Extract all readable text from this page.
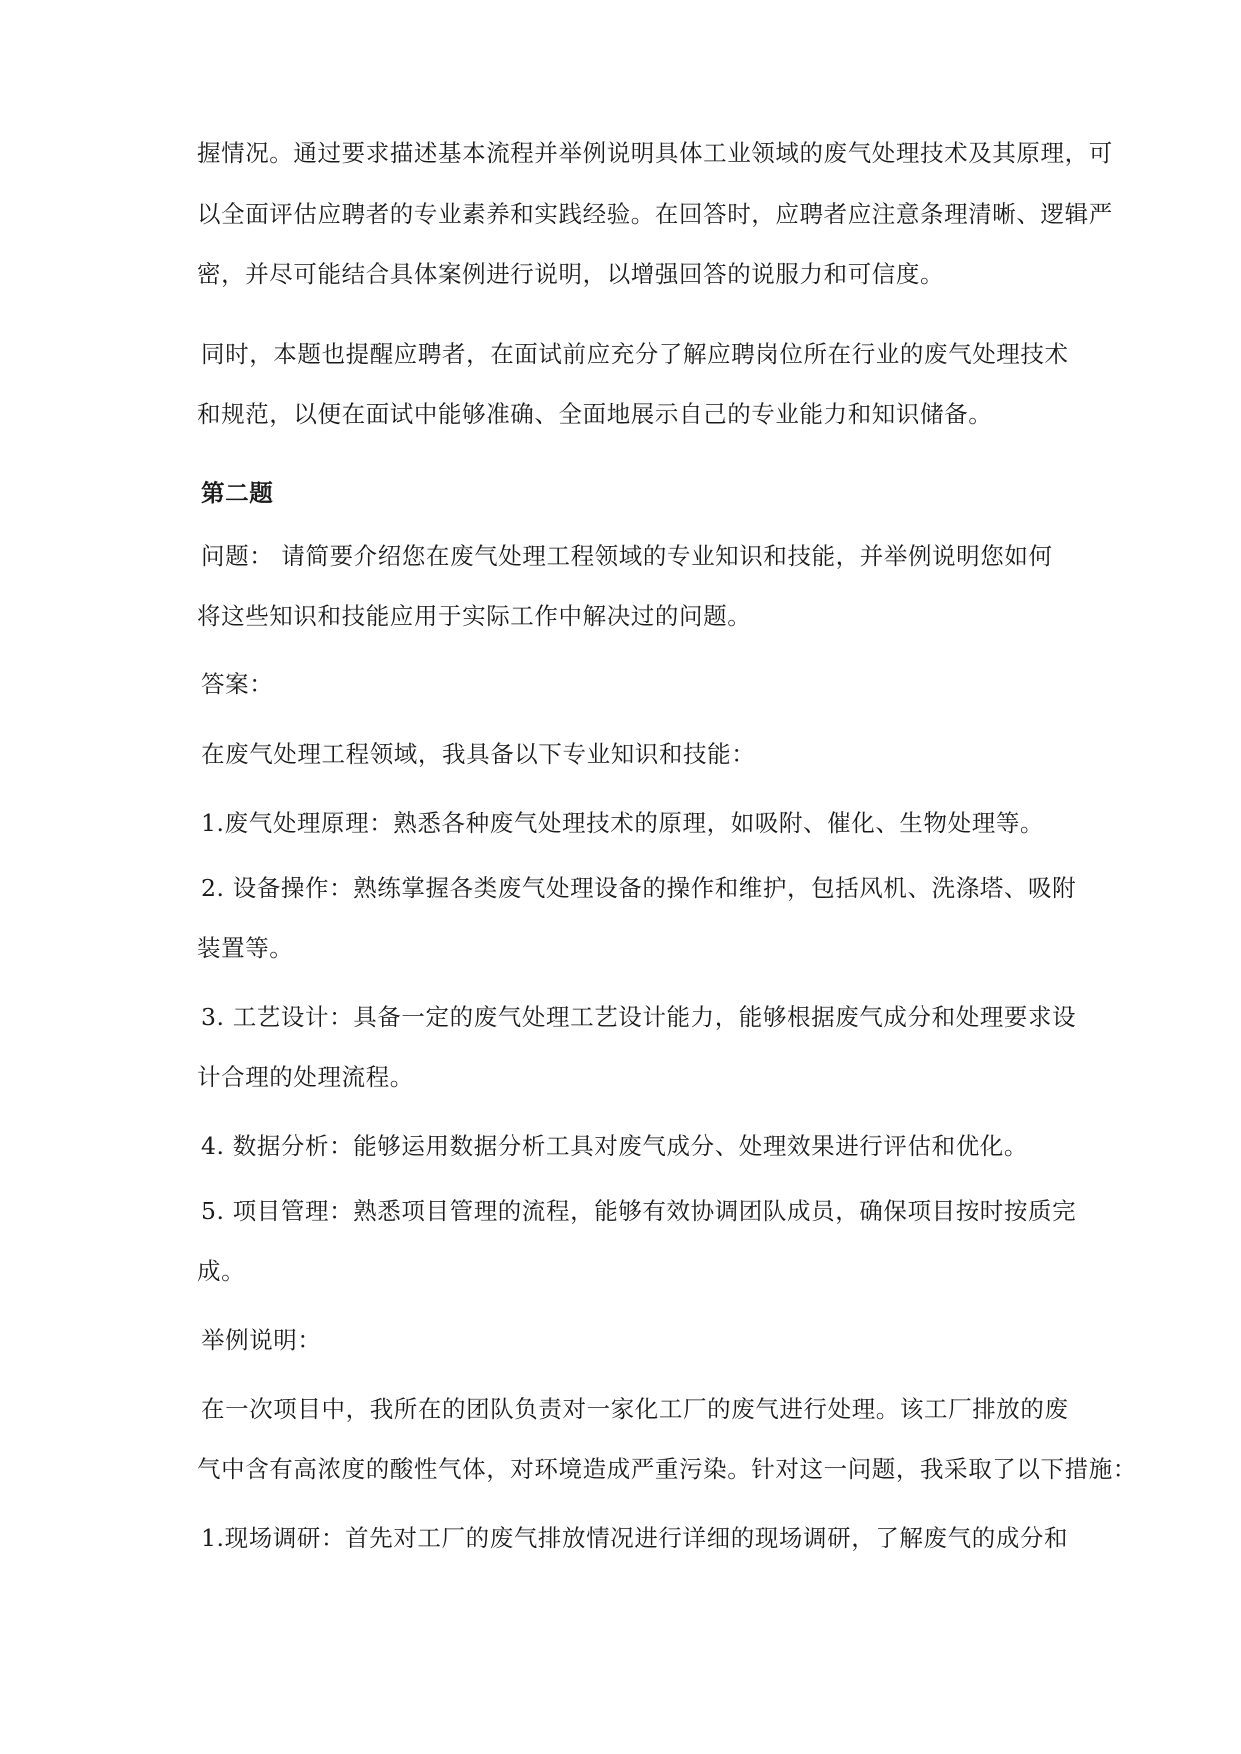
握情况。通过要求描述基本流程并举例说明具体工业领域的废气处理技术及其原理，可
以全面评估应聘者的专业素养和实践经验。在回答时，应聘者应注意条理清晰、逻辑严
密，并尽可能结合具体案例进行说明，以增强回答的说服力和可信度。
同时，本题也提醒应聘者，在面试前应充分了解应聘岗位所在行业的废气处理技术
和规范，以便在面试中能够准确、全面地展示自己的专业能力和知识储备。
第二题
问题： 请简要介绍您在废气处理工程领域的专业知识和技能，并举例说明您如何
将这些知识和技能应用于实际工作中解决过的问题。
答案：
在废气处理工程领域，我具备以下专业知识和技能：
1.废气处理原理：熟悉各种废气处理技术的原理，如吸附、催化、生物处理等。
2. 设备操作：熟练掌握各类废气处理设备的操作和维护，包括风机、洗涤塔、吸附
装置等。
3. 工艺设计：具备一定的废气处理工艺设计能力，能够根据废气成分和处理要求设
计合理的处理流程。
4. 数据分析：能够运用数据分析工具对废气成分、处理效果进行评估和优化。
5. 项目管理：熟悉项目管理的流程，能够有效协调团队成员，确保项目按时按质完
成。
举例说明：
在一次项目中，我所在的团队负责对一家化工厂的废气进行处理。该工厂排放的废
气中含有高浓度的酸性气体，对环境造成严重污染。针对这一问题，我采取了以下措施：
1.现场调研：首先对工厂的废气排放情况进行详细的现场调研，了解废气的成分和
